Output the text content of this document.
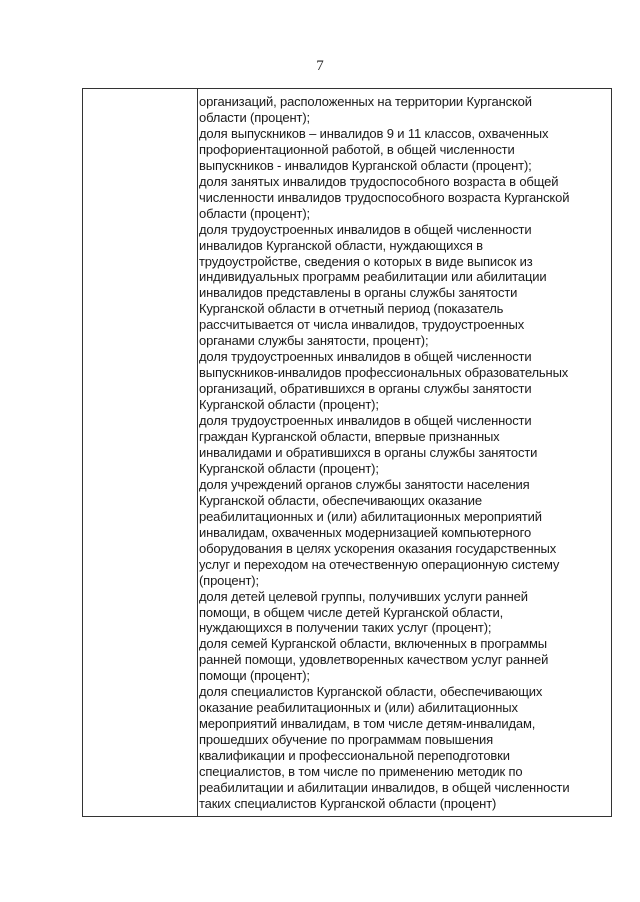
7
организаций, расположенных на территории Курганской
области (процент);
доля выпускников – инвалидов 9 и 11 классов, охваченных
профориентационной работой, в общей численности
выпускников - инвалидов Курганской области (процент);
доля занятых инвалидов трудоспособного возраста в общей
численности инвалидов трудоспособного возраста Курганской
области (процент);
доля трудоустроенных инвалидов в общей численности
инвалидов Курганской области, нуждающихся в
трудоустройстве, сведения о которых в виде выписок из
индивидуальных программ реабилитации или абилитации
инвалидов представлены в органы службы занятости
Курганской области в отчетный период (показатель
рассчитывается от числа инвалидов, трудоустроенных
органами службы занятости, процент);
доля трудоустроенных инвалидов в общей численности
выпускников-инвалидов профессиональных образовательных
организаций, обратившихся в органы службы занятости
Курганской области (процент);
доля трудоустроенных инвалидов в общей численности
граждан Курганской области, впервые признанных
инвалидами и обратившихся в органы службы занятости
Курганской области (процент);
доля учреждений органов службы занятости населения
Курганской области, обеспечивающих оказание
реабилитационных и (или) абилитационных мероприятий
инвалидам, охваченных модернизацией компьютерного
оборудования в целях ускорения оказания государственных
услуг и переходом на отечественную операционную систему
(процент);
доля детей целевой группы, получивших услуги ранней
помощи, в общем числе детей Курганской области,
нуждающихся в получении таких услуг (процент);
доля семей Курганской области, включенных в программы
ранней помощи, удовлетворенных качеством услуг ранней
помощи (процент);
доля специалистов Курганской области, обеспечивающих
оказание реабилитационных и (или) абилитационных
мероприятий инвалидам, в том числе детям-инвалидам,
прошедших обучение по программам повышения
квалификации и профессиональной переподготовки
специалистов, в том числе по применению методик по
реабилитации и абилитации инвалидов, в общей численности
таких специалистов Курганской области (процент)
